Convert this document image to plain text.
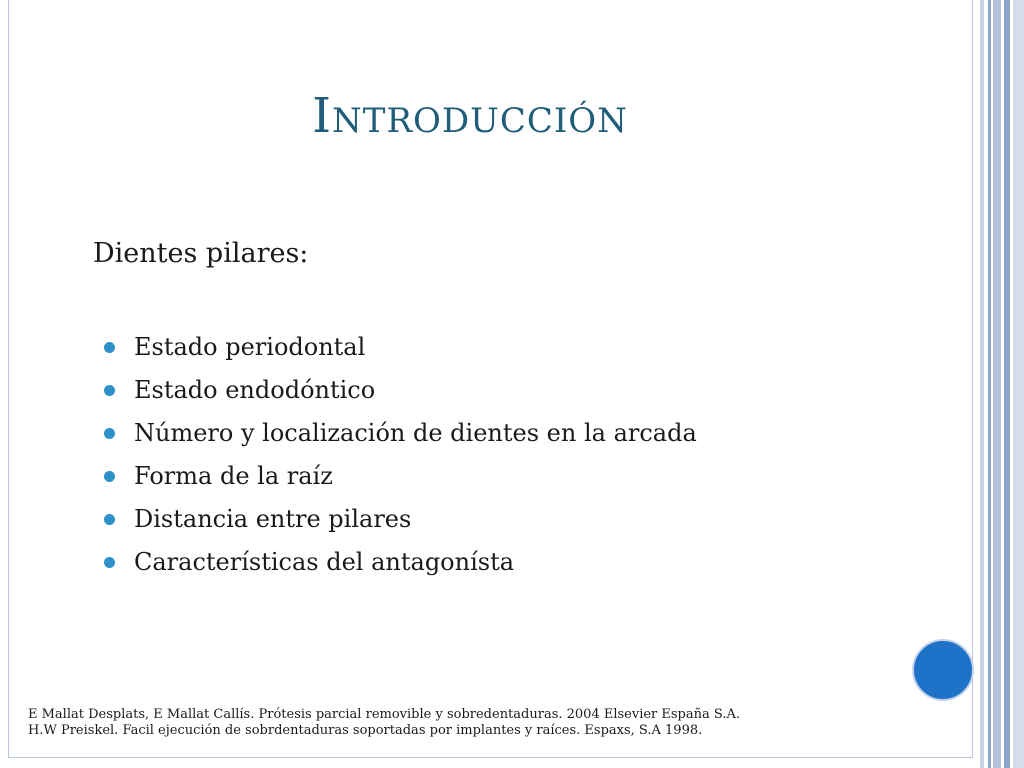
Introducción

Dientes pilares:

Estado periodontal
Estado endodóntico
Número y localización de dientes en la arcada
Forma de la raíz
Distancia entre pilares
Características del antagonísta
E Mallat Desplats, E Mallat Callís. Prótesis parcial removible y sobredentaduras. 2004 Elsevier España S.A.
H.W Preiskel. Facil ejecución de sobrdentaduras soportadas por implantes y raíces. Espaxs, S.A 1998.
